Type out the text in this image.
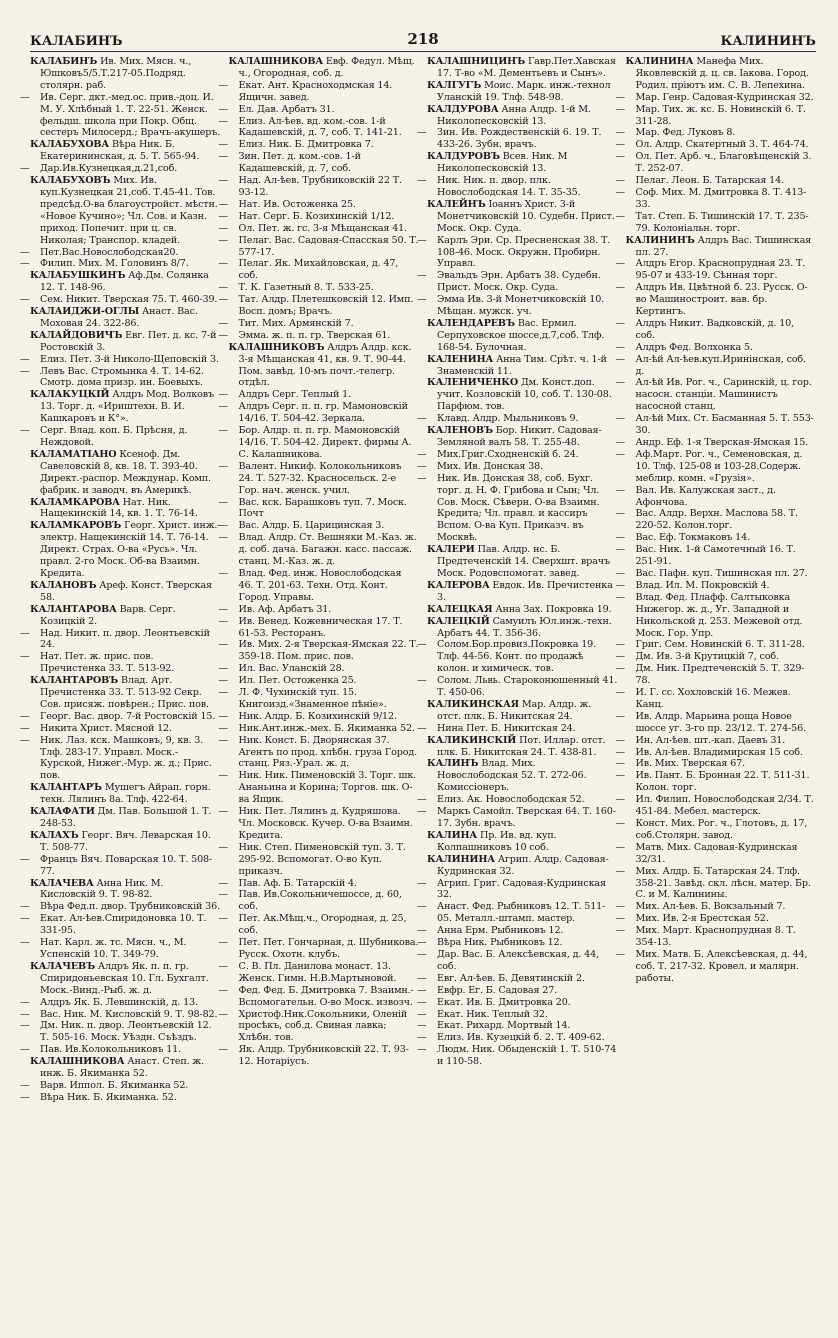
КАЛАБИНЪ	218	КАЛИНИНЪ

КАЛАБИНЪ Ив. Мих. Мясн. ч., Юшковъ5/5.Т.217-05.Подряд. столярн. раб.

— Ив. Серг. дкт.-мед.ос. прив.-доц. И. М. У. Хлѣбный 1. Т. 22-51. Женск. фельдш. школа при Покр. Общ. сестеръ Милосерд.; Врачъ-акушеръ.

КАЛАБУХОВА Вѣра Ник. Б. Екатерининская, д. 5. Т. 565-94.

— Дар.Ив.Кузнецкая,д.21,соб.

КАЛАБУХОВЪ Мих. Ив. куп.Кузнецкая 21,соб. Т.45-41. Тов. предсѣд.О-ва благоустройст. мѣстн. «Новое Кучино»; Чл. Сов. и Казн. приход. Попечит. при ц. св. Николая; Транспор. кладей.

— Пет.Вас.Новослободская20.

— Филип. Мих. М. Головинъ 8/7.

КАЛАБУШКИНЪ Аф.Дм. Солянка 12. Т. 148-96.

— Сем. Никит. Тверская 75. Т. 460-39.

КАЛАИДЖИ-ОГЛЫ Анаст. Вас. Моховая 24. 322-86.

КАЛАЙДОВИЧЪ Евг. Пет. д. кс. 7-й Ростовскій 3.

— Елиз. Пет. 3-й Николо-Щеповскій 3.

— Левъ Вас. Стромынка 4. Т. 14-62. Смотр. дома призр. ин. Боевыхъ.

КАЛАКУЦКІЙ Алдръ Мод. Волковъ 13. Торг. д. «Ириштехн. В. И. Кашкаровъ и К°».

— Серг. Влад. коп. Б. Прѣсня, д. Неждовой.

КАЛАМАТІАНО Ксеноф. Дм. Савеловскій 8, кв. 18. Т. 393-40. Директ.-распор. Междунар. Комп. фабрик. и заводч. въ Америкѣ.

КАЛАМКАРОВА Нат. Ник. Нащекинскій 14, кв. 1. Т. 76-14.

КАЛАМКАРОВЪ Георг. Христ. инж.-электр. Нащекинскій 14. Т. 76-14. Директ. Страх. О-ва «Русь». Чл. правл. 2-го Моск. Об-ва Взаимн. Кредита.

КАЛАНОВЪ Ареф. Конст. Тверская 58.

КАЛАНТАРОВА Варв. Серг. Козицкій 2.

— Над. Никит. п. двор. Леонтьевскій 24.

— Нат. Пет. ж. прис. пов. Пречистенка 33. Т. 513-92.

КАЛАНТАРОВЪ Влад. Арт. Пречистенка 33. Т. 513-92 Секр. Сов. присяж. повѣрен.; Прис. пов.

— Георг. Вас. двор. 7-й Ростовскій 15.

— Никита Христ. Мясной 12.

— Ник. Лаз. кск. Машковъ, 9, кв. 3. Тлф. 283-17. Управл. Моск.-Курской, Нижег.-Мур. ж. д.; Прис. пов.

КАЛАНТАРЪ Мушегъ Айрап. горн. техн. Лялинъ 8а. Тлф. 422-64.

КАЛАФАТИ Дм. Пав. Большой 1. Т. 248-53.

КАЛАХЪ Георг. Вяч. Леварская 10. Т. 508-77.

— Францъ Вяч. Поварская 10. Т. 508-77.

КАЛАЧЕВА Анна Ник. М. Кисловскій 9. Т. 98-82.

— Вѣра Фед.п. двор. Трубниковскій 36.

— Екат. Ал-ѣев.Спиридоновка 10. Т. 331-95.

— Нат. Карл. ж. тс. Мясн. ч., М. Успенскій 10. Т. 349-79.

КАЛАЧЕВЪ Алдръ Як. п. п. гр. Спиридоньевская 10. Гл. Бухгалт. Моск.-Винд.-Рыб. ж. д.

— Алдръ Як. Б. Левшинскій, д. 13.

— Вас. Ник. М. Кисловскій 9. Т. 98-82.

— Дм. Ник. п. двор. Леонтьевскій 12. Т. 505-16. Моск. Уѣздн. Съѣздъ.

— Пав. Ив.Колокольниковъ 11.

КАЛАШНИКОВА Анаст. Степ. ж. инж. Б. Якиманка 52.

— Варв. Иппол. Б. Якиманка 52.

— Вѣра Ник. Б. Якиманка. 52.

КАЛАШНИКОВА Евф. Федул. Мѣщ. ч., Огородная, соб. д.

— Екат. Ант. Красноходмская 14. Ящичн. завед.

— Ел. Дав. Арбатъ 31.

— Елиз. Ал-ѣев. вд. ком.-сов. 1-й Кадашевскій, д. 7, соб. Т. 141-21.

— Елиз. Ник. Б. Дмитровка 7.

— Зин. Пет. д. ком.-сов. 1-й Кадашевскій, д. 7, соб.

— Над. Ал-ѣев. Трубниковскій 22 Т. 93-12.

— Нат. Ив. Остоженка 25.

— Нат. Серг. Б. Козихинскій 1/12.

— Ол. Пет. ж. гс. 3-я Мѣщанская 41.

— Пелаг. Вас. Садовая-Спасская 50. Т. 577-17.

— Пелаг. Як. Михайловская, д. 47, соб.

— Т. К. Газетный 8. Т. 533-25.

— Тат. Алдр. Плетешковскій 12. Имп. Восп. домъ; Врачъ.

— Тит. Мих. Армянскій 7.

— Эмма. ж. п. п. гр. Тверская 61.

КАЛАШНИКОВЪ Алдръ Алдр. кск. 3-я Мѣщанская 41, кв. 9. Т. 90-44. Пом. завѣд. 10-мъ почт.-телегр. отдѣл.

— Алдръ Серг. Теплый 1.

— Алдръ Серг. п. п. гр. Мамоновскій 14/16. Т. 504-42. Зеркала.

— Бор. Алдр. п. п. гр. Мамоновскій 14/16. Т. 504-42. Директ. фирмы А. С. Калашникова.

— Валент. Никиф. Колокольниковъ 24. Т. 527-32. Красносельск. 2-е Гор. нач. женск. учил.

— Вас. кск. Барашковъ туп. 7. Моск. Почт

— Вас. Алдр. Б. Царицинская 3.

— Влад. Алдр. Ст. Вешняки М.-Каз. ж. д. соб. дача. Багажн. касс. пассаж. станц. М.-Каз. ж. д.

— Влад. Фед. инж. Новослободская 46. Т. 201-63. Техн. Отд. Конт. Город. Управы.

— Ив. Аф. Арбатъ 31.

— Ив. Венед. Кожевническая 17. Т. 61-53. Ресторанъ.

— Ив. Мих. 2-я Тверская-Ямская 22. Т. 359-18. Пом. прис. пов.

— Ил. Вас. Уланскій 28.

— Ил. Пет. Остоженка 25.

— Л. Ф. Чухинскій туп. 15. Книгоизд.«Знаменное пѣніе».

— Ник. Алдр. Б. Козихинскій 9/12.

— Ник.Ант.инж.-мех. Б. Якиманка 52.

— Ник. Конст. Б. Дворянская 37. Агентъ по прод. хлѣбн. груза Город. станц. Ряз.-Урал. ж. д.

— Ник. Ник. Пименовскій 3. Торг. шк. Ананьина и Корина; Торгов. шк. О-ва Ящик.

— Ник. Пет. Лялинъ д. Кудряшова. Чл. Московск. Кучер. О-ва Взаимн. Кредита.

— Ник. Степ. Пименовскій туп. 3. Т. 295-92. Вспомогат. О-во Куп. приказч.

— Пав. Аф. Б. Татарскій 4.

— Пав. Ив.Сокольничешоссе, д. 60, соб.

— Пет. Ак.Мѣщ.ч., Огородная, д. 25, соб.

— Пет. Пет. Гончарная, д. Шубникова. Русск. Охотн. клубъ.

— С. В. Пл. Данилова монаст. 13. Женск. Гимн. Н.В.Мартыновой.

— Фед. Фед. Б. Дмитровка 7. Взаимн.-Вспомогательн. О-во Моск. извозч.

— Христоф.Ник.Сокольники, Оленій просѣкъ, соб.д. Свиная лавка; Хлѣбн. тов.

— Як. Алдр. Трубниковскій 22. Т. 93-12. Нотаріусъ.

КАЛАШНИЦИНЪ Гавр.Пет.Хавская 17. Т-во «М. Дементьевъ и Сынъ».

КАЛГУГЪ Моис. Марк. инж.-технол Уланскій 19. Тлф. 548-98.

КАЛДУРОВА Анна Алдр. 1-й М. Николопесковскій 13.

— Зин. Ив. Рождественскій 6. 19. Т. 433-26. Зубн. врачъ.

КАЛДУРОВЪ Всев. Ник. М Николопесковскій 13.

— Ник. Ник. п. двор. плк. Новослободская 14. Т. 35-35.

КАЛЕЙНЪ Іоаннъ Христ. 3-й Монетчиковскій 10. Судебн. Прист. Моск. Окр. Суда.

— Карлъ Эри. Ср. Пресненская 38. Т. 108-46. Моск. Окружн. Пробирн. Управл.

— Эвальдъ Эрн. Арбатъ 38. Судебн. Прист. Моск. Окр. Суда.

— Эмма Ив. 3-й Монетчиковскій 10. Мѣщан. мужск. уч.

КАЛЕНДАРЕВЪ Вас. Ермил. Серпуховское шоссе,д.7,соб. Тлф. 168-54. Булочная.

КАЛЕНИНА Анна Тим. Срѣт. ч. 1-й Знаменскій 11.

КАЛЕНИЧЕНКО Дм. Конст.доп. учит. Козловскій 10, соб. Т. 130-08. Парфюм. тов.

— Клавд. Алдр. Мыльниковъ 9.

КАЛЕНОВЪ Бор. Никит. Садовая-Земляной валъ 58. Т. 255-48.

— Мих.Григ.Сходненскій б. 24.

— Мих. Ив. Донская 38.

— Ник. Ив. Донская 38, соб. Бухг. торг. д. Н. Ф. Грибова и Сын; Чл. Сов. Моск. Сѣверн. О-ва Взаимн. Кредита; Чл. правл. и кассиръ Вспом. О-ва Куп. Приказч. въ Москвѣ.

КАЛЕРИ Пав. Алдр. нс. Б. Предтеченскій 14. Сверхшт. врачъ Моск. Родовспомогат. завед.

КАЛЕРОВА Евдок. Ив. Пречистенка 3.

КАЛЕЦКАЯ Анна Зах. Покровка 19.

КАЛЕЦКІЙ Самуилъ Юл.инж.-техн. Арбатъ 44. Т. 356-36.

— Солом.Бор.провиз.Покровка 19. Тлф. 44-56. Конт. по продажѣ колон. и химическ. тов.

— Солом. Львь. Староконюшенный 41. Т. 450-06.

КАЛИКИНСКАЯ Мар. Алдр. ж. отст. плк. Б. Никитская 24.

— Нина Пет. Б. Никитская 24.

КАЛИКИНСКІЙ Пот. Иллар. отст. плк. Б. Никитская 24. Т. 438-81.

КАЛИНЪ Влад. Мих. Новослободская 52. Т. 272-06. Комиссіонеръ.

— Елиз. Ак. Новослободская 52.

— Маркъ Самойл. Тверская 64. Т. 160-17. Зубн. врачъ.

КАЛИНА Пр. Ив. вд. куп. Колпашниковъ 10 соб.

КАЛИНИНА Агрип. Алдр. Садовая-Кудринская 32.

— Агрип. Григ. Садовая-Кудринская 32.

— Анаст. Фед. Рыбниковъ 12. Т. 511-05. Металл.-штамп. мастер.

— Анна Ерм. Рыбниковъ 12.

— Вѣра Ник. Рыбниковъ 12.

— Дар. Вас. Б. Алексѣевская, д. 44, соб.

— Евг. Ал-ѣев. Б. Девятинскій 2.

— Евфр. Ег. Б. Садовая 27.

— Екат. Ив. Б. Дмитровка 20.

— Екат. Ник. Теплый 32.

— Екат. Рихард. Мортвый 14.

— Елиз. Ив. Кузецкій б. 2. Т. 409-62.

— Людм. Ник. Обыденскій 1. Т. 510-74 и 110-58.

КАЛИНИНА Манефа Мих. Яковлевскій д. ц. св. Іакова. Город. Родил. пріютъ им. С. В. Лепехина.

— Мар. Генр. Садовая-Кудринская 32.

— Мар. Тих. ж. кс. Б. Новинскій 6. Т. 311-28.

— Мар. Фед. Луковъ 8.

— Ол. Алдр. Скатертный 3. Т. 464-74.

— Ол. Пет. Арб. ч., Благовѣщенскій 3. Т. 252-07.

— Пелаг. Леон. Б. Татарская 14.

— Соф. Мих. М. Дмитровка 8. Т. 413-33.

— Тат. Степ. Б. Тишинскій 17. Т. 235-79. Колоніальн. торг.

КАЛИНИНЪ Алдръ Вас. Тишинская пл. 27.

— Алдръ Егор. Краснопрудная 23. Т. 95-07 и 433-19. Сѣнная торг.

— Алдръ Ив. Цвѣтной б. 23. Русск. О-во Машиностроит. вав. бр. Кертингъ.

— Алдръ Никит. Вадковскій, д. 10, соб.

— Алдръ Фед. Волхонка 5.

— Ал-ѣй Ал-ѣев.куп.Иринінская, соб. д.

— Ал-ѣй Ив. Рог. ч., Саринскій, ц. гор. насосн. станціи. Машинистъ насосной станц.

— Ал-ѣй Мих. Ст. Басманная 5. Т. 553-30.

— Андр. Еф. 1-я Тверская-Ямская 15.

— Аф.Март. Рог. ч., Семеновская, д. 10. Тлф. 125-08 и 103-28.Содерж. меблир. комн. «Грузія».

— Вал. Ив. Калужская заст., д. Афончова.

— Вас. Алдр. Верхн. Маслова 58. Т. 220-52. Колон.торг.

— Вас. Еф. Токмаковъ 14.

— Вас. Ник. 1-й Самотечный 16. Т. 251-91.

— Вас. Пафн. куп. Тишинская пл. 27.

— Влад. Ил. М. Покровскій 4.

— Влад. Фед. Плафф. Салтыковка Нижегор. ж. д., Уг. Западной и Никольской д. 253. Межевой отд. Моск. Гор. Упр.

— Григ. Сем. Новинскій 6. Т. 311-28.

— Дм. Ив. 3-й Крутицкій 7, соб.

— Дм. Ник. Предтеченскій 5. Т. 329-78.

— И. Г. сс. Хохловскій 16. Межев. Канц.

— Ив. Алдр. Марьина роща Новое шоссе уг. 3-го пр. 23/12. Т. 274-56.

— Ин. Ал-ѣев. шт.-кап. Даевъ 31.

— Ив. Ал-ѣев. Владимирская 15 соб.

— Ив. Мих. Тверская 67.

— Ив. Пант. Б. Бронная 22. Т. 511-31. Колон. торг.

— Ил. Филип. Новослободская 2/34. Т. 451-84. Мебел. мастерск.

— Конст. Мих. Рог. ч., Глотовъ, д. 17, соб.Столярн. завод.

— Матв. Мих. Садовая-Кудринская 32/31.

— Мих. Алдр. Б. Татарская 24. Тлф. 358-21. Завѣд. скл. лѣсн. матер. Бр. С. и М. Калинины.

— Мих. Ал-ѣев. Б. Вокзальный 7.

— Мих. Ив. 2-я Брестская 52.

— Мих. Март. Краснопрудная 8. Т. 354-13.

— Мих. Матв. Б. Алексѣевская, д. 44, соб. Т. 217-32. Кровел. и малярн. работы.
